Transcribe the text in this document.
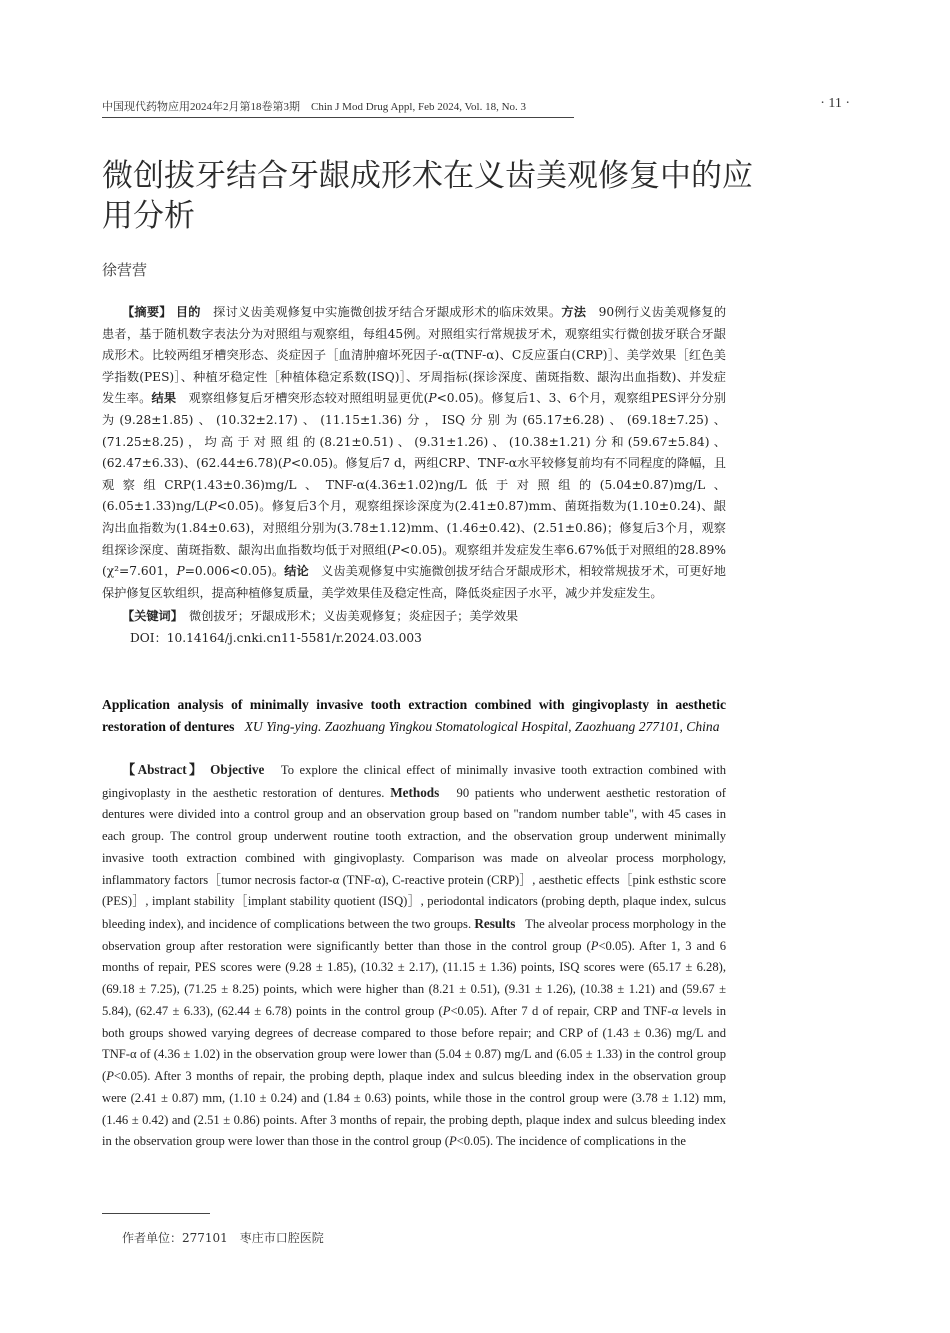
中国现代药物应用2024年2月第18卷第3期　Chin J Mod Drug Appl, Feb 2024, Vol. 18, No. 3	· 11 ·
微创拔牙结合牙龈成形术在义齿美观修复中的应用分析
徐营营

【摘要】 目的　 探讨义齿美观修复中实施微创拔牙结合牙龈成形术的临床效果。方法　 90例行义齿美观修复的患者，基于随机数字表法分为对照组与观察组，每组45例。对照组实行常规拔牙术，观察组实行微创拔牙联合牙龈成形术。比较两组牙槽突形态、炎症因子［血清肿瘤坏死因子-α(TNF-α)、C反应蛋白(CRP)］、美学效果［红色美学指数(PES)］、种植牙稳定性［种植体稳定系数(ISQ)］、牙周指标(探诊深度、菌斑指数、龈沟出血指数)、并发症发生率。结果　 观察组修复后牙槽突形态较对照组明显更优(P<0.05)。修复后1、3、6个月，观察组PES评分分别为(9.28±1.85)、(10.32±2.17)、(11.15±1.36)分，ISQ分别为(65.17±6.28)、(69.18±7.25)、(71.25±8.25)，均高于对照组的(8.21±0.51)、(9.31±1.26)、(10.38±1.21)分和(59.67±5.84)、(62.47±6.33)、(62.44±6.78)(P<0.05)。修复后7 d，两组CRP、TNF-α水平较修复前均有不同程度的降幅，且观察组CRP(1.43±0.36)mg/L、TNF-α(4.36±1.02)ng/L低于对照组的(5.04±0.87)mg/L、(6.05±1.33)ng/L(P<0.05)。修复后3个月，观察组探诊深度为(2.41±0.87)mm、菌斑指数为(1.10±0.24)、龈沟出血指数为(1.84±0.63)，对照组分别为(3.78±1.12)mm、(1.46±0.42)、(2.51±0.86)；修复后3个月，观察组探诊深度、菌斑指数、龈沟出血指数均低于对照组(P<0.05)。观察组并发症发生率6.67%低于对照组的28.89%(χ²=7.601，P=0.006<0.05)。结论　 义齿美观修复中实施微创拔牙结合牙龈成形术，相较常规拔牙术，可更好地保护修复区软组织，提高种植修复质量，美学效果佳及稳定性高，降低炎症因子水平，减少并发症发生。

【关键词】　 微创拔牙；牙龈成形术；义齿美观修复；炎症因子；美学效果

DOI：10.14164/j.cnki.cn11-5581/r.2024.03.003

Application analysis of minimally invasive tooth extraction combined with gingivoplasty in aesthetic restoration of dentures XU Ying-ying. Zaozhuang Yingkou Stomatological Hospital, Zaozhuang 277101, China

【Abstract】 Objective To explore the clinical effect of minimally invasive tooth extraction combined with gingivoplasty in the aesthetic restoration of dentures. Methods 90 patients who underwent aesthetic restoration of dentures were divided into a control group and an observation group based on "random number table", with 45 cases in each group. The control group underwent routine tooth extraction, and the observation group underwent minimally invasive tooth extraction combined with gingivoplasty. Comparison was made on alveolar process morphology, inflammatory factors［tumor necrosis factor-α (TNF-α), C-reactive protein (CRP)］, aesthetic effects［pink esthstic score (PES)］, implant stability［implant stability quotient (ISQ)］, periodontal indicators (probing depth, plaque index, sulcus bleeding index), and incidence of complications between the two groups. Results The alveolar process morphology in the observation group after restoration were significantly better than those in the control group (P<0.05). After 1, 3 and 6 months of repair, PES scores were (9.28 ± 1.85), (10.32 ± 2.17), (11.15 ± 1.36) points, ISQ scores were (65.17 ± 6.28), (69.18 ± 7.25), (71.25 ± 8.25) points, which were higher than (8.21 ± 0.51), (9.31 ± 1.26), (10.38 ± 1.21) and (59.67 ± 5.84), (62.47 ± 6.33), (62.44 ± 6.78) points in the control group (P<0.05). After 7 d of repair, CRP and TNF-α levels in both groups showed varying degrees of decrease compared to those before repair; and CRP of (1.43 ± 0.36) mg/L and TNF-α of (4.36 ± 1.02) in the observation group were lower than (5.04 ± 0.87) mg/L and (6.05 ± 1.33) in the control group (P<0.05). After 3 months of repair, the probing depth, plaque index and sulcus bleeding index in the observation group were (2.41 ± 0.87) mm, (1.10 ± 0.24) and (1.84 ± 0.63) points, while those in the control group were (3.78 ± 1.12) mm, (1.46 ± 0.42) and (2.51 ± 0.86) points. After 3 months of repair, the probing depth, plaque index and sulcus bleeding index in the observation group were lower than those in the control group (P<0.05). The incidence of complications in the

作者单位：277101　枣庄市口腔医院
